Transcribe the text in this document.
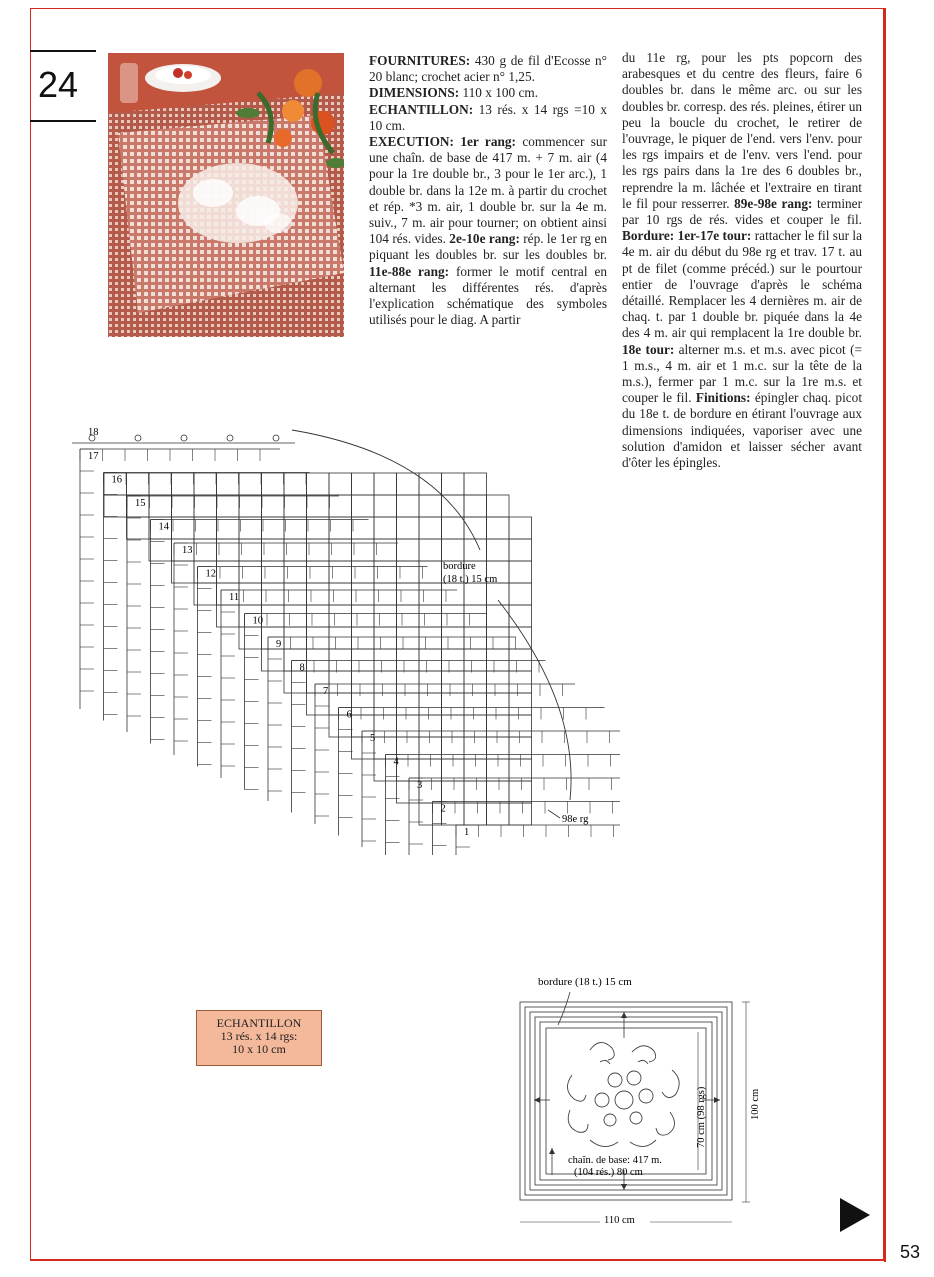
53
24

FOURNITURES: 430 g de fil d'Ecosse n° 20 blanc; crochet acier n° 1,25.

DIMENSIONS: 110 x 100 cm.

ECHANTILLON: 13 rés. x 14 rgs =10 x 10 cm.

EXECUTION: 1er rang: commencer sur une chaîn. de base de 417 m. + 7 m. air (4 pour la 1re double br., 3 pour le 1er arc.), 1 double br. dans la 12e m. à partir du crochet et rép. *3 m. air, 1 double br. sur la 4e m. suiv., 7 m. air pour tourner; on obtient ainsi 104 rés. vides. 2e-10e rang: rép. le 1er rg en piquant les doubles br. sur les doubles br. 11e-88e rang: former le motif central en alternant les différentes rés. d'après l'explication schématique des symboles utilisés pour le diag. A partir

du 11e rg, pour les pts popcorn des arabesques et du centre des fleurs, faire 6 doubles br. dans le même arc. ou sur les doubles br. corresp. des rés. pleines, étirer un peu la boucle du crochet, le retirer de l'ouvrage, le piquer de l'end. vers l'env. pour les rgs impairs et de l'env. vers l'end. pour les rgs pairs dans la 1re des 6 doubles br., reprendre la m. lâchée et l'extraire en tirant le fil pour resserrer. 89e-98e rang: terminer par 10 rgs de rés. vides et couper le fil. Bordure: 1er-17e tour: rattacher le fil sur la 4e m. air du début du 98e rg et trav. 17 t. au pt de filet (comme précéd.) sur le pourtour entier de l'ouvrage d'après le schéma détaillé. Remplacer les 4 dernières m. air de chaq. t. par 1 double br. piquée dans la 4e des 4 m. air qui remplacent la 1re double br. 18e tour: alterner m.s. et m.s. avec picot (= 1 m.s., 4 m. air et 1 m.c. sur la tête de la m.s.), fermer par 1 m.c. sur la 1re m.s. et couper le fil. Finitions: épingler chaq. picot du 18e t. de bordure en étirant l'ouvrage aux dimensions indiquées, vaporiser avec une solution d'amidon et laisser sécher avant d'ôter les épingles.

bordure
(18 t.) 15 cm
98e rg
18
17
16
15
14
13
12
11
10
9
8
7
6
5
4
3
2
1
ECHANTILLON
13 rés. x 14 rgs:
10 x 10 cm
bordure (18 t.) 15 cm
chaîn. de base: 417 m.
(104 rés.) 80 cm
110 cm
100 cm
70 cm (98 rgs)
